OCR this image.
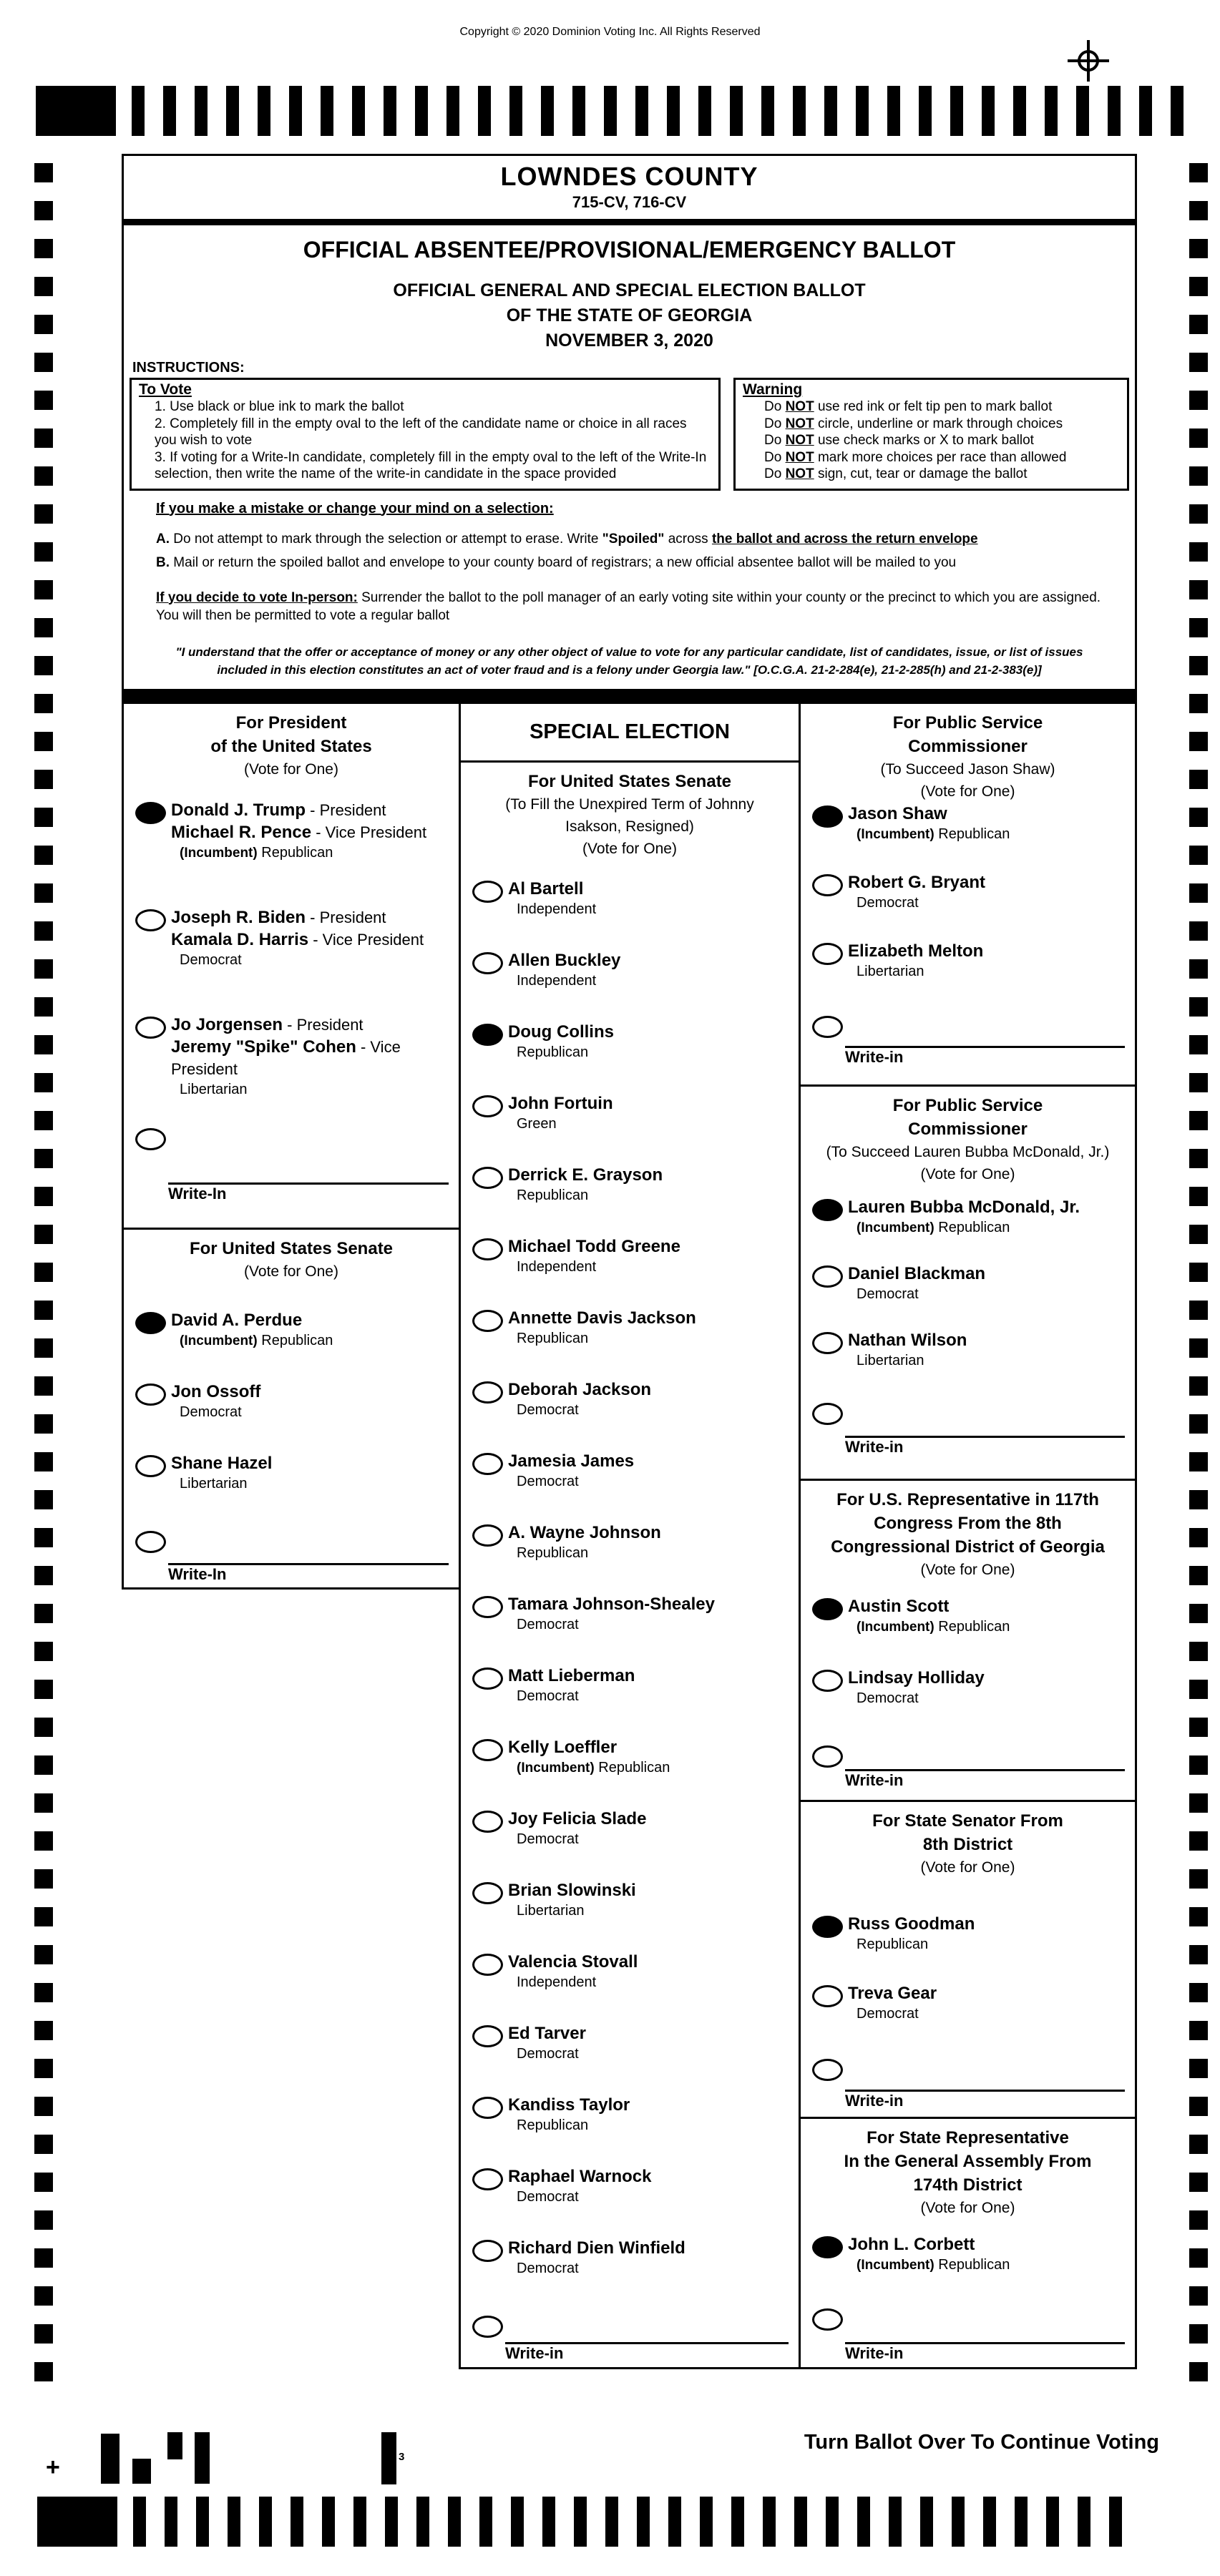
Copyright © 2020 Dominion Voting Inc. All Rights Reserved
LOWNDES COUNTY
715-CV, 716-CV
OFFICIAL ABSENTEE/PROVISIONAL/EMERGENCY BALLOT
OFFICIAL GENERAL AND SPECIAL ELECTION BALLOT
OF THE STATE OF GEORGIA
NOVEMBER 3, 2020
INSTRUCTIONS:
To Vote
1. Use black or blue ink to mark the ballot
2. Completely fill in the empty oval to the left of the candidate name or choice in all races you wish to vote
3. If voting for a Write-In candidate, completely fill in the empty oval to the left of the Write-In selection, then write the name of the write-in candidate in the space provided
Warning
Do NOT use red ink or felt tip pen to mark ballot
Do NOT circle, underline or mark through choices
Do NOT use check marks or X to mark ballot
Do NOT mark more choices per race than allowed
Do NOT sign, cut, tear or damage the ballot
If you make a mistake or change your mind on a selection:
A. Do not attempt to mark through the selection or attempt to erase. Write "Spoiled" across the ballot and across the return envelope
B. Mail or return the spoiled ballot and envelope to your county board of registrars; a new official absentee ballot will be mailed to you
If you decide to vote In-person: Surrender the ballot to the poll manager of an early voting site within your county or the precinct to which you are assigned. You will then be permitted to vote a regular ballot
"I understand that the offer or acceptance of money or any other object of value to vote for any particular candidate, list of candidates, issue, or list of issues included in this election constitutes an act of voter fraud and is a felony under Georgia law." [O.C.G.A. 21-2-284(e), 21-2-285(h) and 21-2-383(e)]
For President
of the United States
(Vote for One)
Donald J. Trump - President
Michael R. Pence - Vice President
(Incumbent) Republican
Joseph R. Biden - President
Kamala D. Harris - Vice President
Democrat
Jo Jorgensen - President
Jeremy "Spike" Cohen - Vice President
Libertarian
Write-In
For United States Senate
(Vote for One)
David A. Perdue
(Incumbent) Republican
Jon Ossoff
Democrat
Shane Hazel
Libertarian
Write-In
SPECIAL ELECTION
For United States Senate
(To Fill the Unexpired Term of Johnny
Isakson, Resigned)
(Vote for One)
Al Bartell
Independent
Allen Buckley
Independent
Doug Collins
Republican
John Fortuin
Green
Derrick E. Grayson
Republican
Michael Todd Greene
Independent
Annette Davis Jackson
Republican
Deborah Jackson
Democrat
Jamesia James
Democrat
A. Wayne Johnson
Republican
Tamara Johnson-Shealey
Democrat
Matt Lieberman
Democrat
Kelly Loeffler
(Incumbent) Republican
Joy Felicia Slade
Democrat
Brian Slowinski
Libertarian
Valencia Stovall
Independent
Ed Tarver
Democrat
Kandiss Taylor
Republican
Raphael Warnock
Democrat
Richard Dien Winfield
Democrat
Write-in
For Public Service
Commissioner
(To Succeed Jason Shaw)
(Vote for One)
Jason Shaw
(Incumbent) Republican
Robert G. Bryant
Democrat
Elizabeth Melton
Libertarian
Write-in
For Public Service
Commissioner
(To Succeed Lauren Bubba McDonald, Jr.)
(Vote for One)
Lauren Bubba McDonald, Jr.
(Incumbent) Republican
Daniel Blackman
Democrat
Nathan Wilson
Libertarian
Write-in
For U.S. Representative in 117th
Congress From the 8th
Congressional District of Georgia
(Vote for One)
Austin Scott
(Incumbent) Republican
Lindsay Holliday
Democrat
Write-in
For State Senator From
8th District
(Vote for One)
Russ Goodman
Republican
Treva Gear
Democrat
Write-in
For State Representative
In the General Assembly From
174th District
(Vote for One)
John L. Corbett
(Incumbent) Republican
Write-in
+	3
Turn Ballot Over To Continue Voting
